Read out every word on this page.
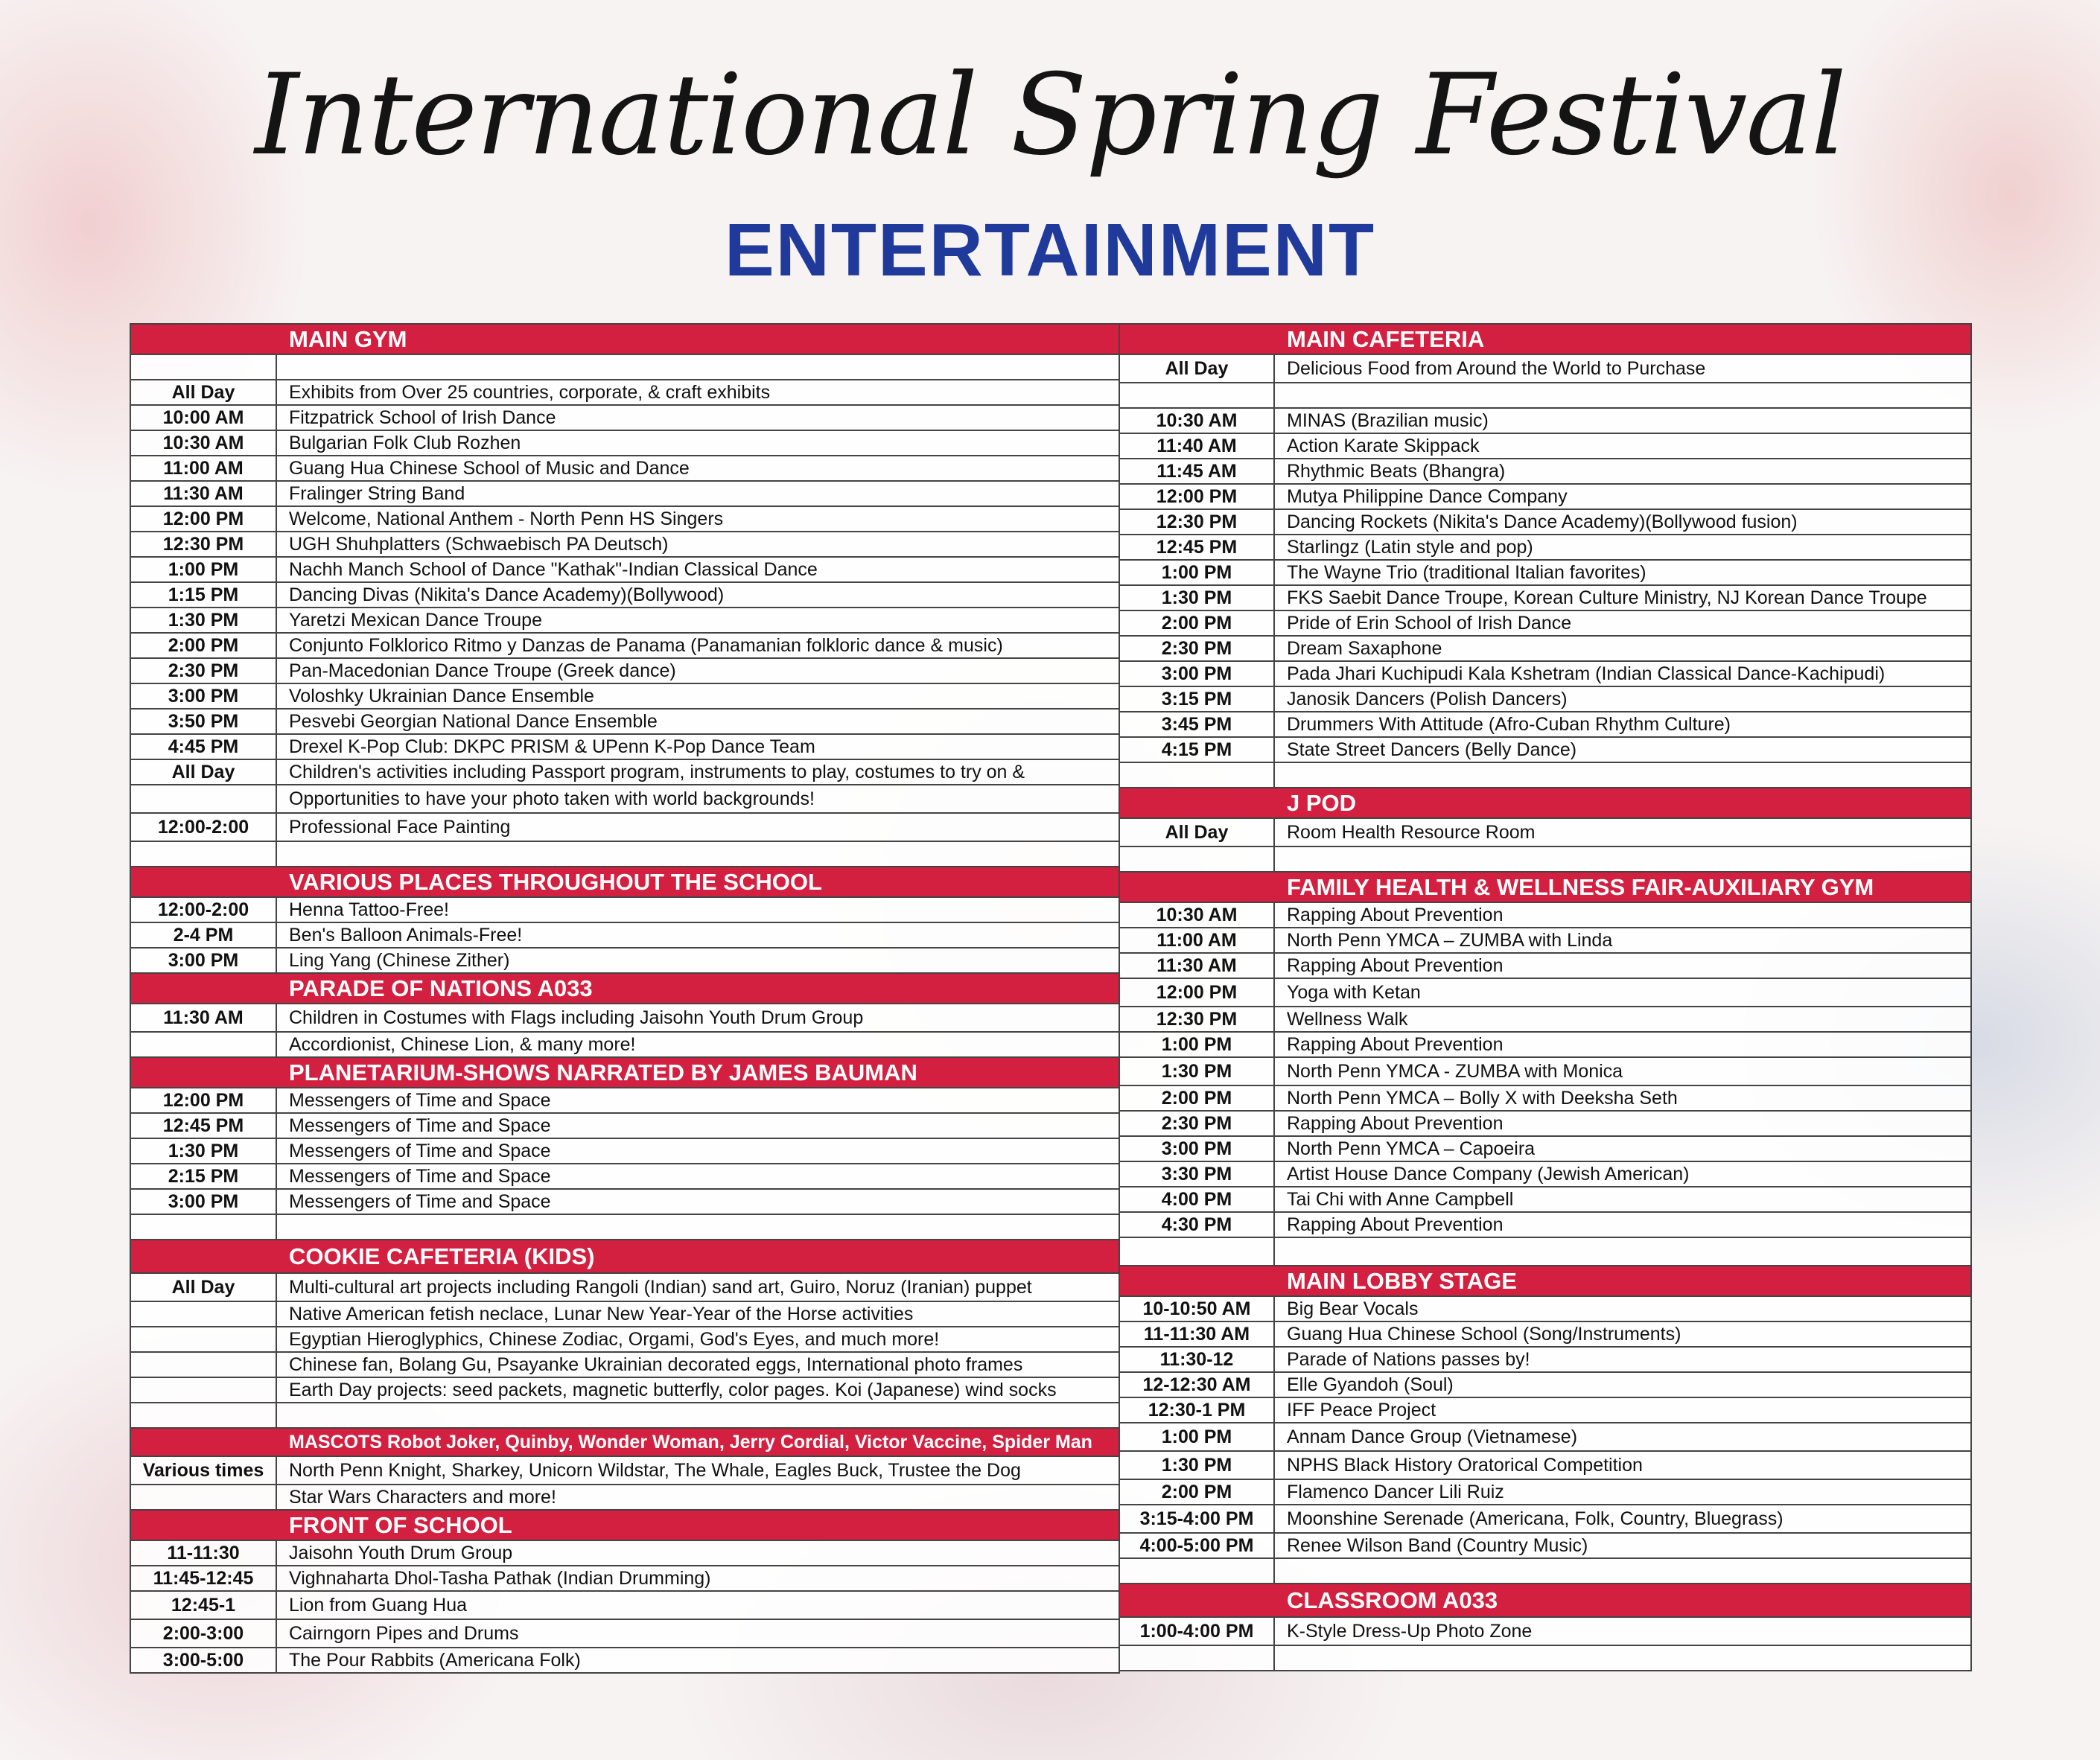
International Spring Festival
ENTERTAINMENT
MAIN GYM
All Day	Exhibits from Over 25 countries, corporate, & craft exhibits
10:00 AM	Fitzpatrick School of Irish Dance
10:30 AM	Bulgarian Folk Club Rozhen
11:00 AM	Guang Hua Chinese School of Music and Dance
11:30 AM	Fralinger String Band
12:00 PM	Welcome, National Anthem - North Penn HS Singers
12:30 PM	UGH Shuhplatters (Schwaebisch PA Deutsch)
1:00 PM	Nachh Manch School of Dance "Kathak"-Indian Classical Dance
1:15 PM	Dancing Divas (Nikita's Dance Academy)(Bollywood)
1:30 PM	Yaretzi Mexican Dance Troupe
2:00 PM	Conjunto Folklorico Ritmo y Danzas de Panama (Panamanian folkloric dance & music)
2:30 PM	Pan-Macedonian Dance Troupe (Greek dance)
3:00 PM	Voloshky Ukrainian Dance Ensemble
3:50 PM	Pesvebi Georgian National Dance Ensemble
4:45 PM	Drexel K-Pop Club: DKPC PRISM & UPenn K-Pop Dance Team
All Day	Children's activities including Passport program, instruments to play, costumes to try on &
Opportunities to have your photo taken with world backgrounds!
12:00-2:00	Professional Face Painting
VARIOUS PLACES THROUGHOUT THE SCHOOL
12:00-2:00	Henna Tattoo-Free!
2-4 PM	Ben's Balloon Animals-Free!
3:00 PM	Ling Yang (Chinese Zither)
PARADE OF NATIONS A033
11:30 AM	Children in Costumes with Flags including Jaisohn Youth Drum Group
Accordionist, Chinese Lion, & many more!
PLANETARIUM-SHOWS NARRATED BY JAMES BAUMAN
12:00 PM	Messengers of Time and Space
12:45 PM	Messengers of Time and Space
1:30 PM	Messengers of Time and Space
2:15 PM	Messengers of Time and Space
3:00 PM	Messengers of Time and Space
COOKIE CAFETERIA (KIDS)
All Day	Multi-cultural art projects including Rangoli (Indian) sand art, Guiro, Noruz (Iranian) puppet
Native American fetish neclace, Lunar New Year-Year of the Horse activities
Egyptian Hieroglyphics, Chinese Zodiac, Orgami, God's Eyes, and much more!
Chinese fan, Bolang Gu, Psayanke Ukrainian decorated eggs, International photo frames
Earth Day projects: seed packets, magnetic butterfly, color pages. Koi (Japanese) wind socks
MASCOTS
Robot Joker, Quinby, Wonder Woman, Jerry Cordial, Victor Vaccine, Spider Man
Various times	North Penn Knight, Sharkey, Unicorn Wildstar, The Whale, Eagles Buck, Trustee the Dog
Star Wars Characters and more!
FRONT OF SCHOOL
11-11:30	Jaisohn Youth Drum Group
11:45-12:45	Vighnaharta Dhol-Tasha Pathak (Indian Drumming)
12:45-1	Lion from Guang Hua
2:00-3:00	Cairngorn Pipes and Drums
3:00-5:00	The Pour Rabbits (Americana Folk)
MAIN CAFETERIA
All Day	Delicious Food from Around the World to Purchase
10:30 AM	MINAS (Brazilian music)
11:40 AM	Action Karate Skippack
11:45 AM	Rhythmic Beats (Bhangra)
12:00 PM	Mutya Philippine Dance Company
12:30 PM	Dancing Rockets (Nikita's Dance Academy)(Bollywood fusion)
12:45 PM	Starlingz (Latin style and pop)
1:00 PM	The Wayne Trio (traditional Italian favorites)
1:30 PM	FKS Saebit Dance Troupe, Korean Culture Ministry, NJ Korean Dance Troupe
2:00 PM	Pride of Erin School of Irish Dance
2:30 PM	Dream Saxaphone
3:00 PM	Pada Jhari Kuchipudi Kala Kshetram (Indian Classical Dance-Kachipudi)
3:15 PM	Janosik Dancers (Polish Dancers)
3:45 PM	Drummers With Attitude (Afro-Cuban Rhythm Culture)
4:15 PM	State Street Dancers (Belly Dance)
J POD
All Day	Room Health Resource Room
FAMILY HEALTH & WELLNESS FAIR-AUXILIARY GYM
10:30 AM	Rapping About Prevention
11:00 AM	North Penn YMCA – ZUMBA with Linda
11:30 AM	Rapping About Prevention
12:00 PM	Yoga with Ketan
12:30 PM	Wellness Walk
1:00 PM	Rapping About Prevention
1:30 PM	North Penn YMCA - ZUMBA with Monica
2:00 PM	North Penn YMCA – Bolly X with Deeksha Seth
2:30 PM	Rapping About Prevention
3:00 PM	North Penn YMCA – Capoeira
3:30 PM	Artist House Dance Company (Jewish American)
4:00 PM	Tai Chi with Anne Campbell
4:30 PM	Rapping About Prevention
MAIN LOBBY STAGE
10-10:50 AM	Big Bear Vocals
11-11:30 AM	Guang Hua Chinese School (Song/Instruments)
11:30-12	Parade of Nations passes by!
12-12:30 AM	Elle Gyandoh (Soul)
12:30-1 PM	IFF Peace Project
1:00 PM	Annam Dance Group (Vietnamese)
1:30 PM	NPHS Black History Oratorical Competition
2:00 PM	Flamenco Dancer Lili Ruiz
3:15-4:00 PM	Moonshine Serenade (Americana, Folk, Country, Bluegrass)
4:00-5:00 PM	Renee Wilson Band (Country Music)
CLASSROOM A033
1:00-4:00 PM	K-Style Dress-Up Photo Zone
